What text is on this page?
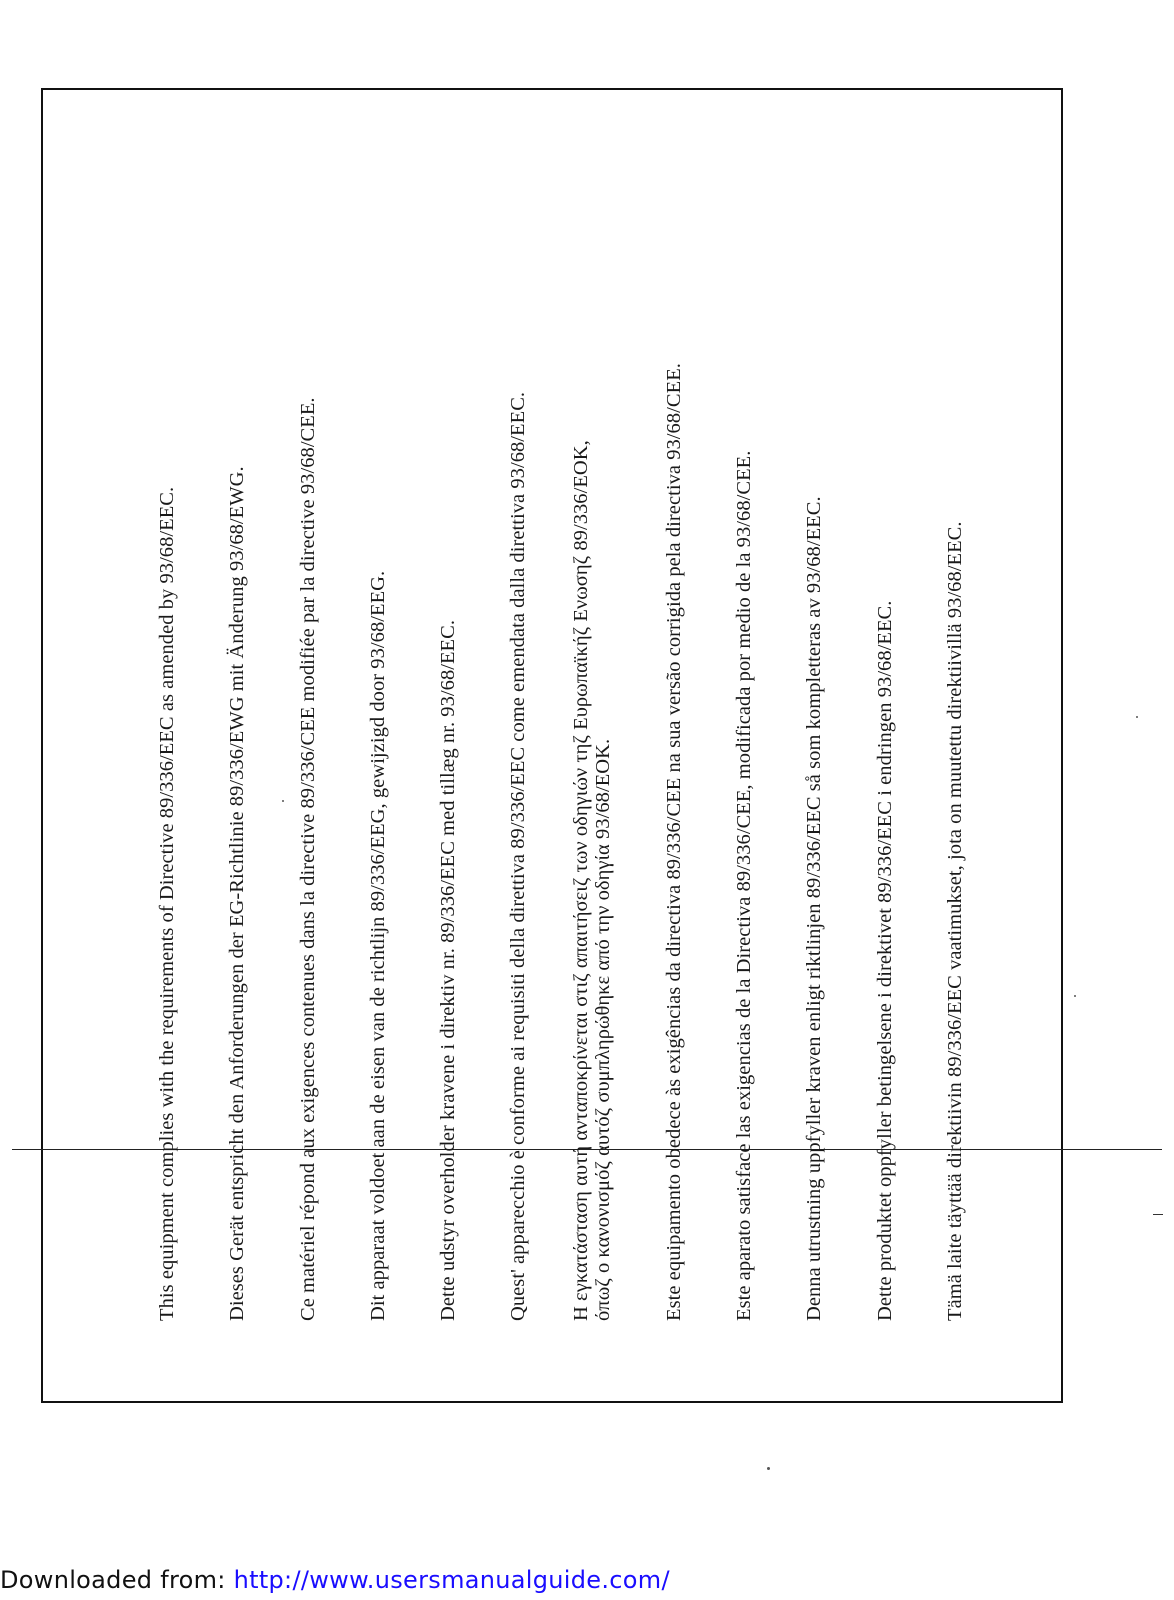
This equipment complies with the requirements of Directive 89/336/EEC as amended by 93/68/EEC. Dieses Gerät entspricht den Anforderungen der EG-Richtlinie 89/336/EWG mit Änderung 93/68/EWG. Ce matériel répond aux exigences contenues dans la directive 89/336/CEE modifiée par la directive 93/68/CEE. Dit apparaat voldoet aan de eisen van de richtlijn 89/336/EEG, gewijzigd door 93/68/EEG. Dette udstyr overholder kravene i direktiv nr. 89/336/EEC med tillæg nr. 93/68/EEC. Quest' apparecchio è conforme ai requisiti della direttiva 89/336/EEC come emendata dalla direttiva 93/68/EEC. Η εγκατάσταση αυτή ανταποκρίνεται στιζ απαιτήσειζ των οδηγιών τηζ Ευρωπαϊκήζ Ενωσηζ 89/336/EOK, όπωζ ο κανονισμόζ αυτόζ συμπληρώθηκε από την οδηγία 93/68/EOK. Este equipamento obedece às exigências da directiva 89/336/CEE na sua versão corrigida pela directiva 93/68/CEE. Este aparato satisface las exigencias de la Directiva 89/336/CEE, modificada por medio de la 93/68/CEE. Denna utrustning uppfyller kraven enligt riktlinjen 89/336/EEC så som kompletteras av 93/68/EEC. Dette produktet oppfyller betingelsene i direktivet 89/336/EEC i endringen 93/68/EEC. Tämä laite täyttää direktiivin 89/336/EEC vaatimukset, jota on muutettu direktiivillä 93/68/EEC.
Downloaded from: http://www.usersmanualguide.com/
